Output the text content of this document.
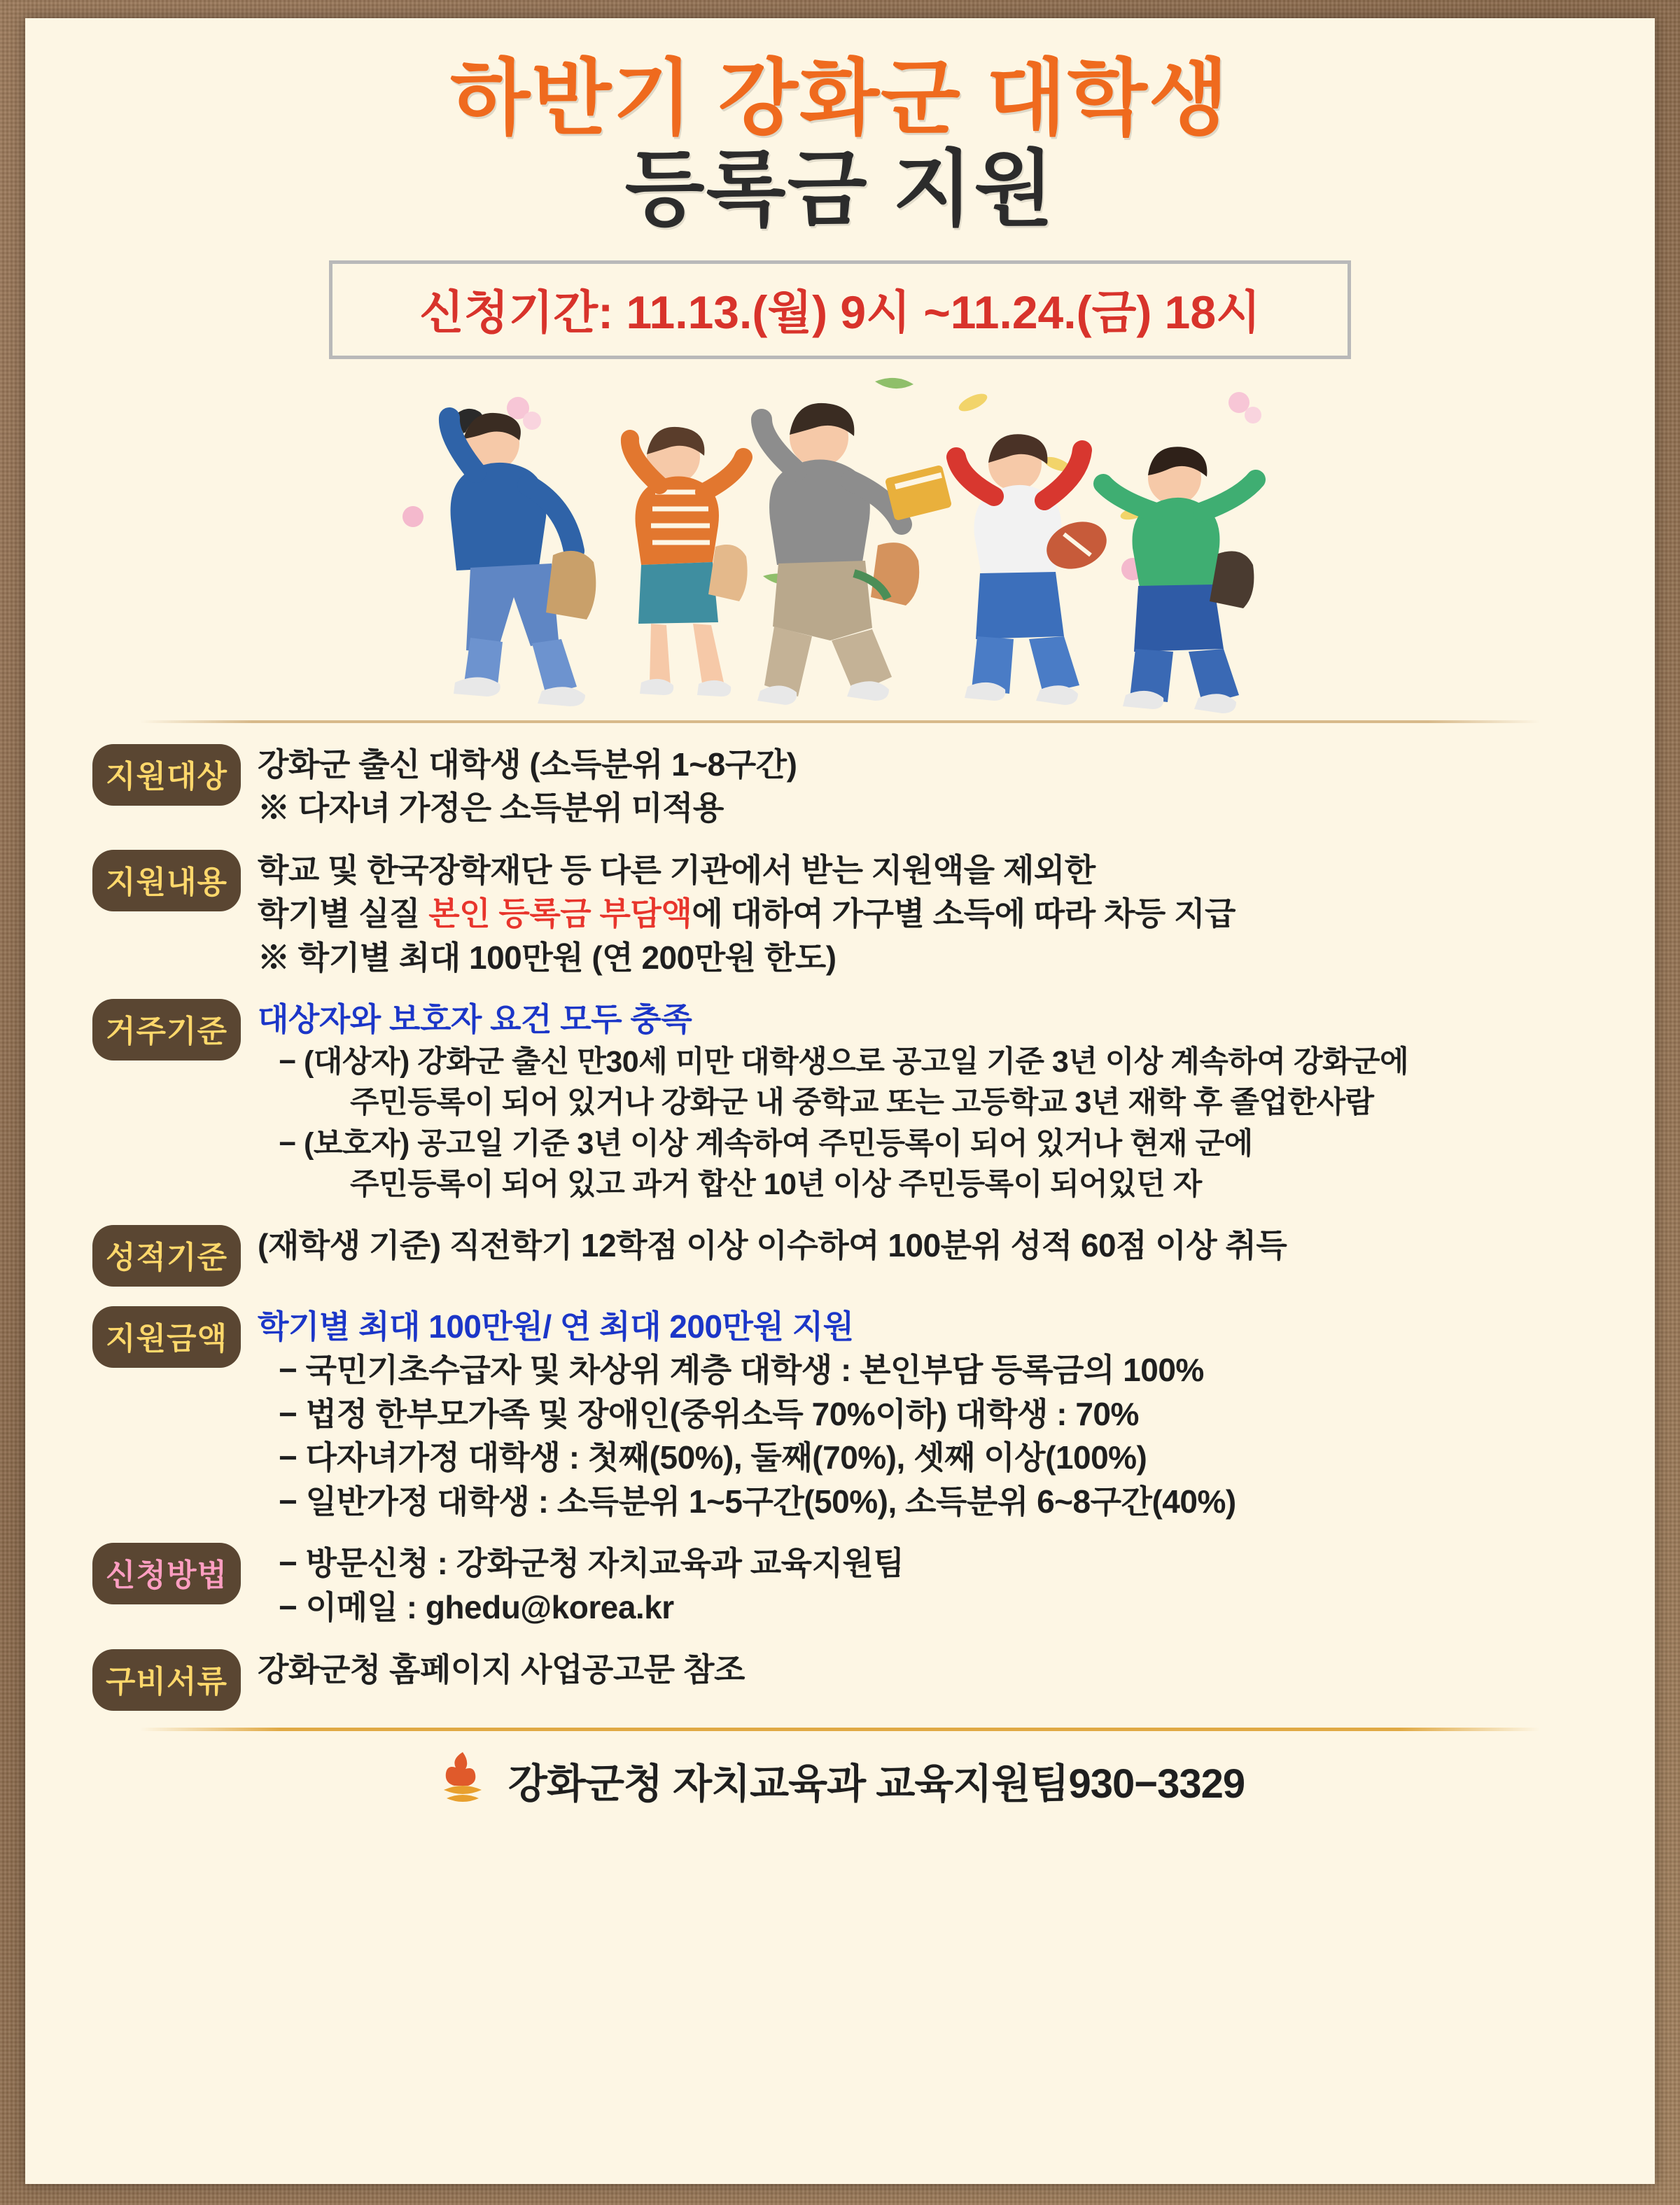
하반기 강화군 대학생
등록금 지원
신청기간: 11.13.(월) 9시 ~11.24.(금) 18시
지원대상 강화군 출신 대학생 (소득분위 1~8구간)
※ 다자녀 가정은 소득분위 미적용
지원내용 학교 및 한국장학재단 등 다른 기관에서 받는 지원액을 제외한
학기별 실질 본인 등록금 부담액에 대하여 가구별 소득에 따라 차등 지급
※ 학기별 최대 100만원 (연 200만원 한도)
거주기준 대상자와 보호자 요건 모두 충족
− (대상자) 강화군 출신 만30세 미만 대학생으로 공고일 기준 3년 이상 계속하여 강화군에
주민등록이 되어 있거나 강화군 내 중학교 또는 고등학교 3년 재학 후 졸업한사람
− (보호자) 공고일 기준 3년 이상 계속하여 주민등록이 되어 있거나 현재 군에
주민등록이 되어 있고 과거 합산 10년 이상 주민등록이 되어있던 자
성적기준 (재학생 기준) 직전학기 12학점 이상 이수하여 100분위 성적 60점 이상 취득
지원금액 학기별 최대 100만원/ 연 최대 200만원 지원
− 국민기초수급자 및 차상위 계층 대학생 : 본인부담 등록금의 100%
− 법정 한부모가족 및 장애인(중위소득 70%이하) 대학생 : 70%
− 다자녀가정 대학생 : 첫째(50%), 둘째(70%), 셋째 이상(100%)
− 일반가정 대학생 : 소득분위 1~5구간(50%), 소득분위 6~8구간(40%)
신청방법	− 방문신청 : 강화군청 자치교육과 교육지원팀
− 이메일 : ghedu@korea.kr
구비서류 강화군청 홈페이지 사업공고문 참조
강화군청 자치교육과 교육지원팀930−3329
